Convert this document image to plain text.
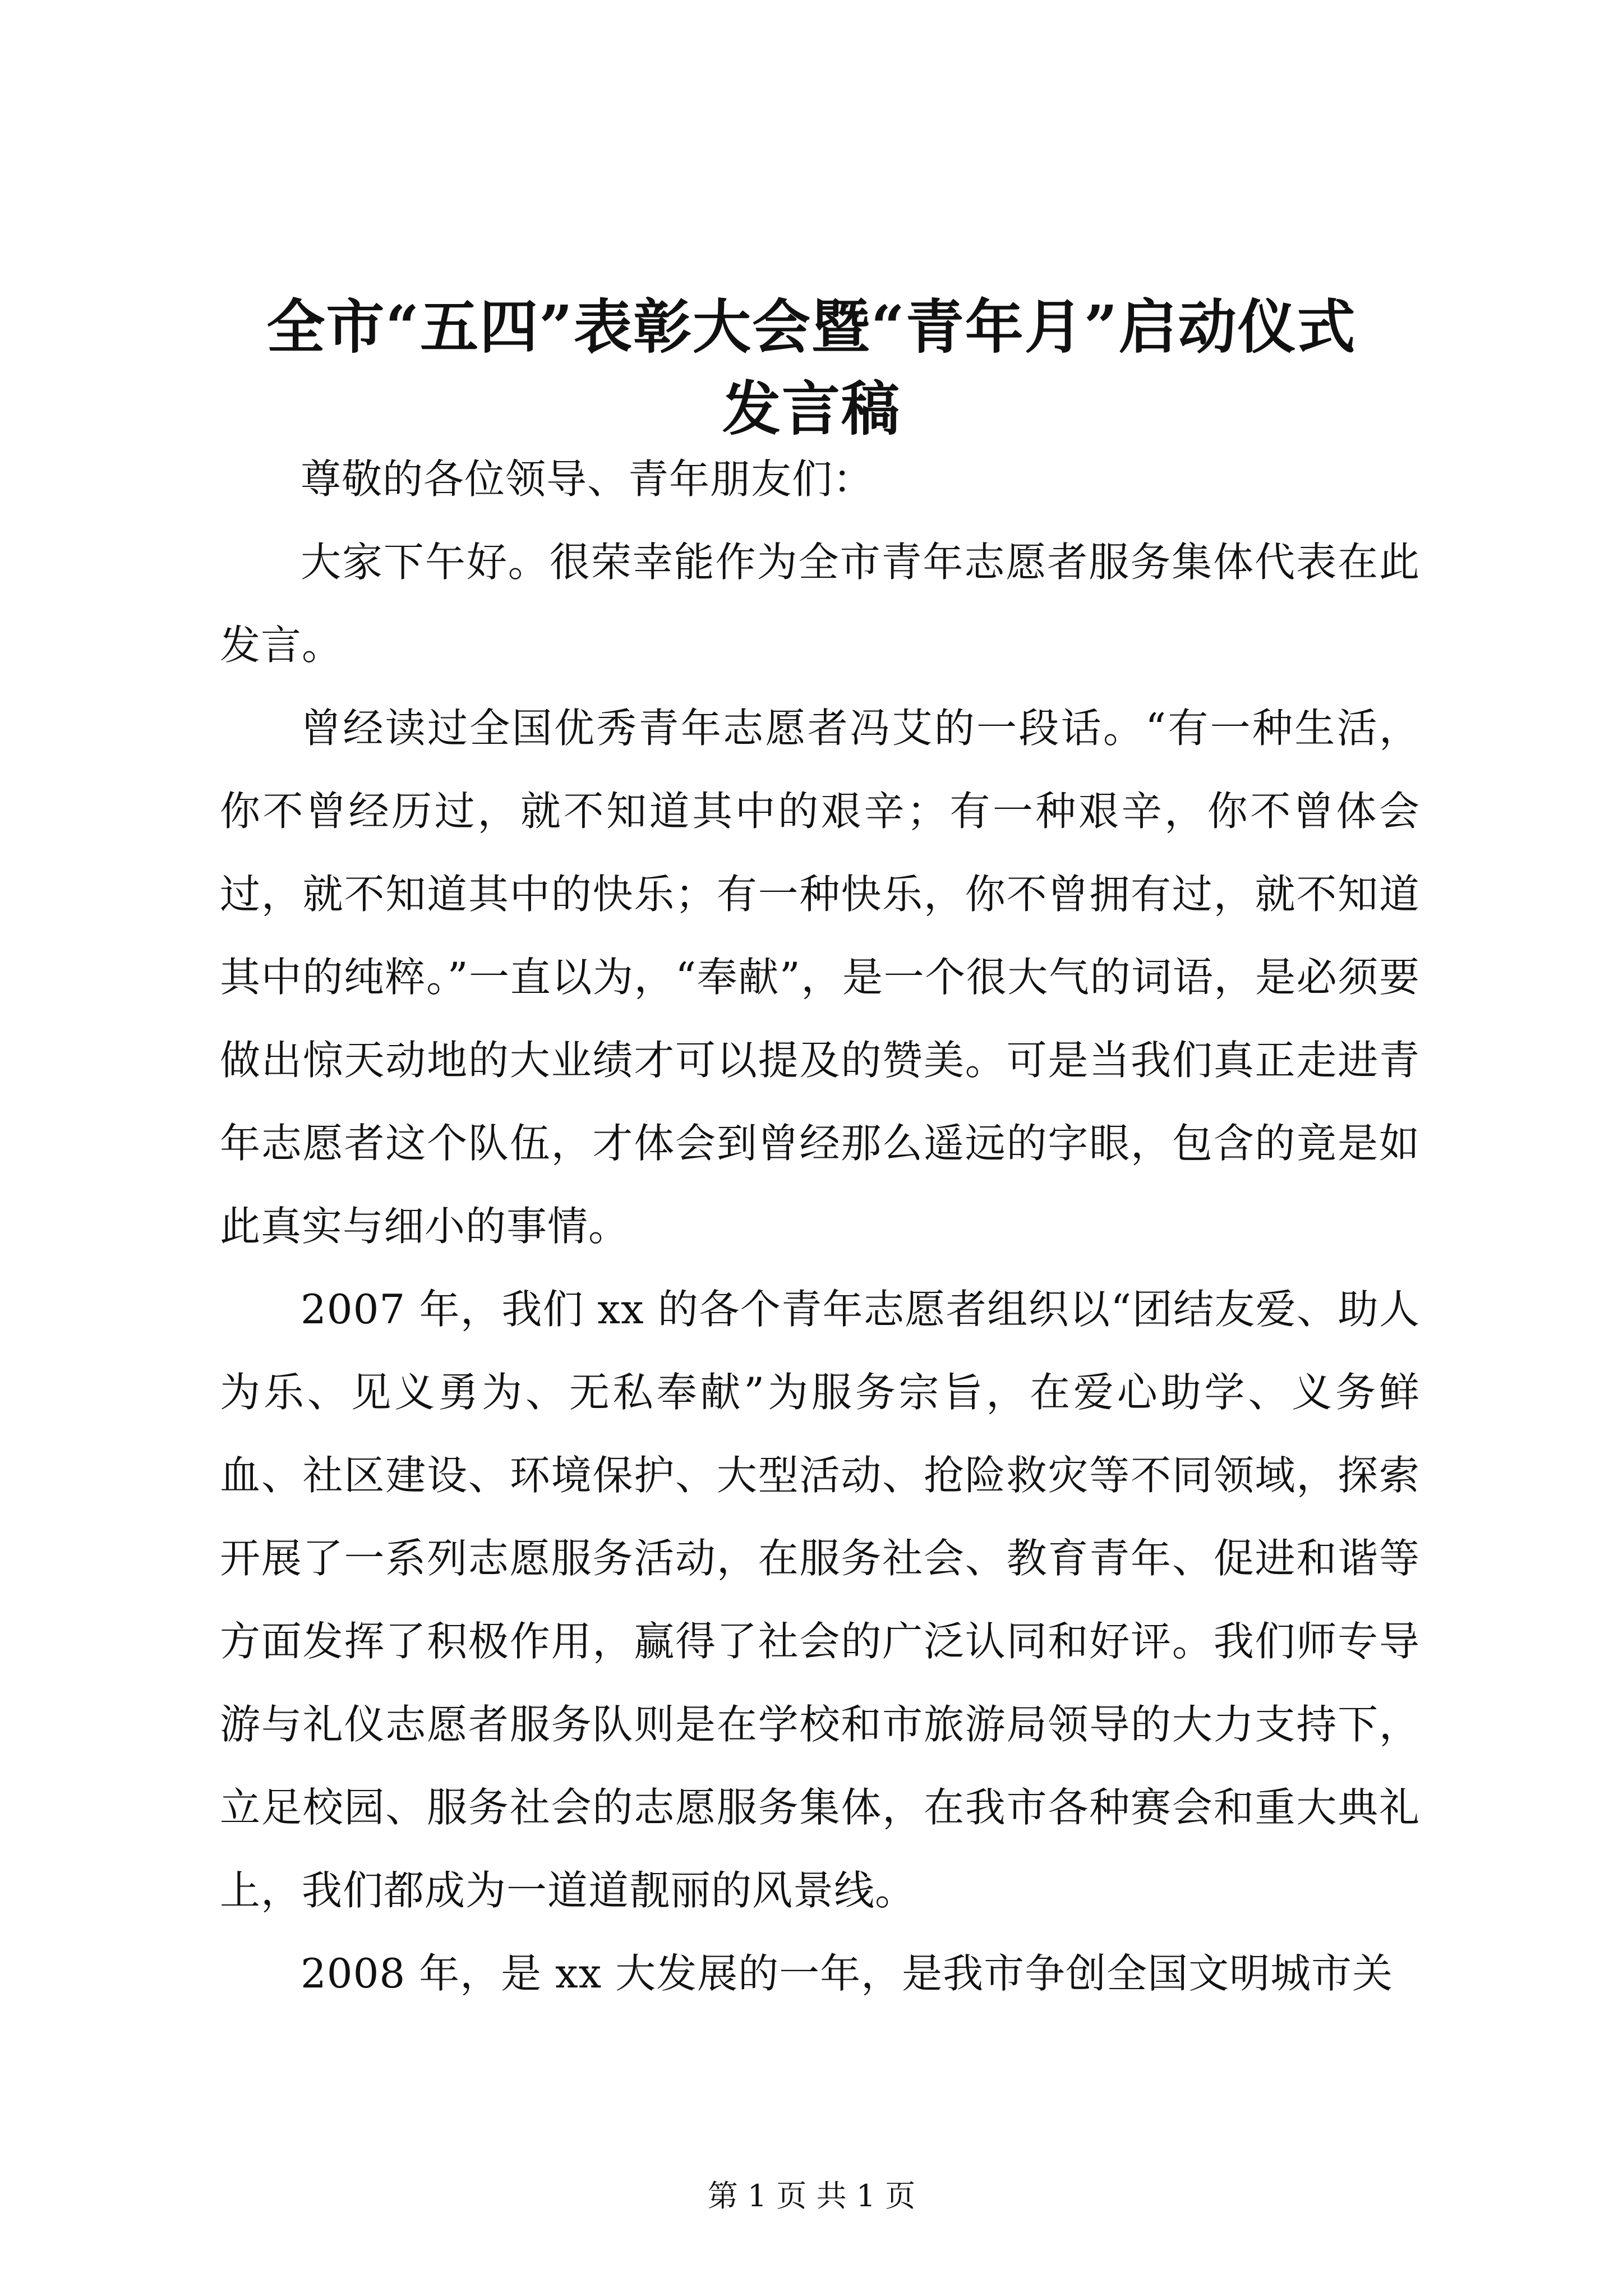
全市“五四”表彰大会暨“青年月”启动仪式
发言稿

尊敬的各位领导、青年朋友们：

大家下午好。很荣幸能作为全市青年志愿者服务集体代表在此发言。

曾经读过全国优秀青年志愿者冯艾的一段话。“有一种生活，你不曾经历过，就不知道其中的艰辛；有一种艰辛，你不曾体会过，就不知道其中的快乐；有一种快乐，你不曾拥有过，就不知道其中的纯粹。”一直以为，“奉献”，是一个很大气的词语，是必须要做出惊天动地的大业绩才可以提及的赞美。可是当我们真正走进青年志愿者这个队伍，才体会到曾经那么遥远的字眼，包含的竟是如此真实与细小的事情。

2007 年，我们 xx 的各个青年志愿者组织以“团结友爱、助人为乐、见义勇为、无私奉献”为服务宗旨，在爱心助学、义务鲜血、社区建设、环境保护、大型活动、抢险救灾等不同领域，探索开展了一系列志愿服务活动，在服务社会、教育青年、促进和谐等方面发挥了积极作用，赢得了社会的广泛认同和好评。我们师专导游与礼仪志愿者服务队则是在学校和市旅游局领导的大力支持下，立足校园、服务社会的志愿服务集体，在我市各种赛会和重大典礼上，我们都成为一道道靓丽的风景线。

2008 年，是 xx 大发展的一年，是我市争创全国文明城市关

第 1 页 共 1 页
